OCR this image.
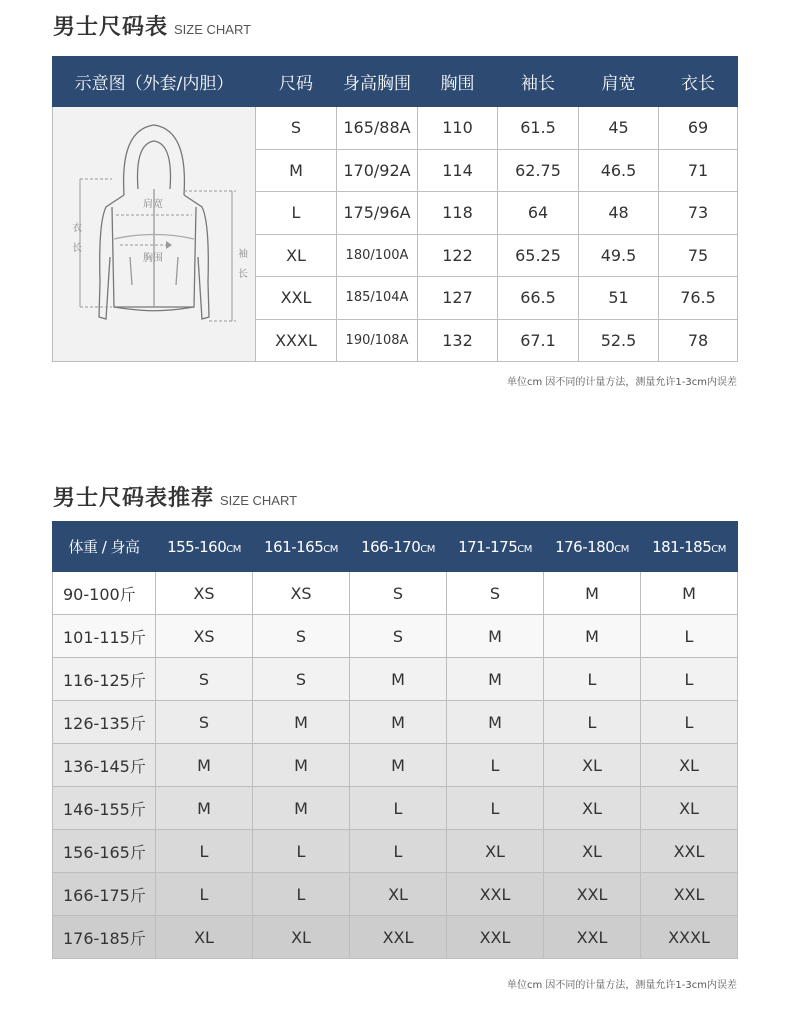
男士尺码表 SIZE CHART
示意图（外套/内胆）	尺码	身高胸围	胸围	袖长	肩宽	衣长

衣长
肩宽
胸围 袖长	S	165/88A	110	61.5	45	69
	M	170/92A	114	62.75	46.5	71
	L	175/96A	118	64	48	73
	XL	180/100A	122	65.25	49.5	75
	XXL	185/104A	127	66.5	51	76.5
	XXXL	190/108A	132	67.1	52.5	78
单位cm 因不同的计量方法，测量允许1-3cm内误差
男士尺码表推荐 SIZE CHART
体重 / 身高	155-160CM	161-165CM	166-170CM	171-175CM	176-180CM	181-185CM
90-100斤	XS	XS	S	S	M	M
101-115斤	XS	S	S	M	M	L
116-125斤	S	S	M	M	L	L
126-135斤	S	M	M	M	L	L
136-145斤	M	M	M	L	XL	XL
146-155斤	M	M	L	L	XL	XL
156-165斤	L	L	L	XL	XL	XXL
166-175斤	L	L	XL	XXL	XXL	XXL
176-185斤	XL	XL	XXL	XXL	XXL	XXXL
单位cm 因不同的计量方法，测量允许1-3cm内误差
